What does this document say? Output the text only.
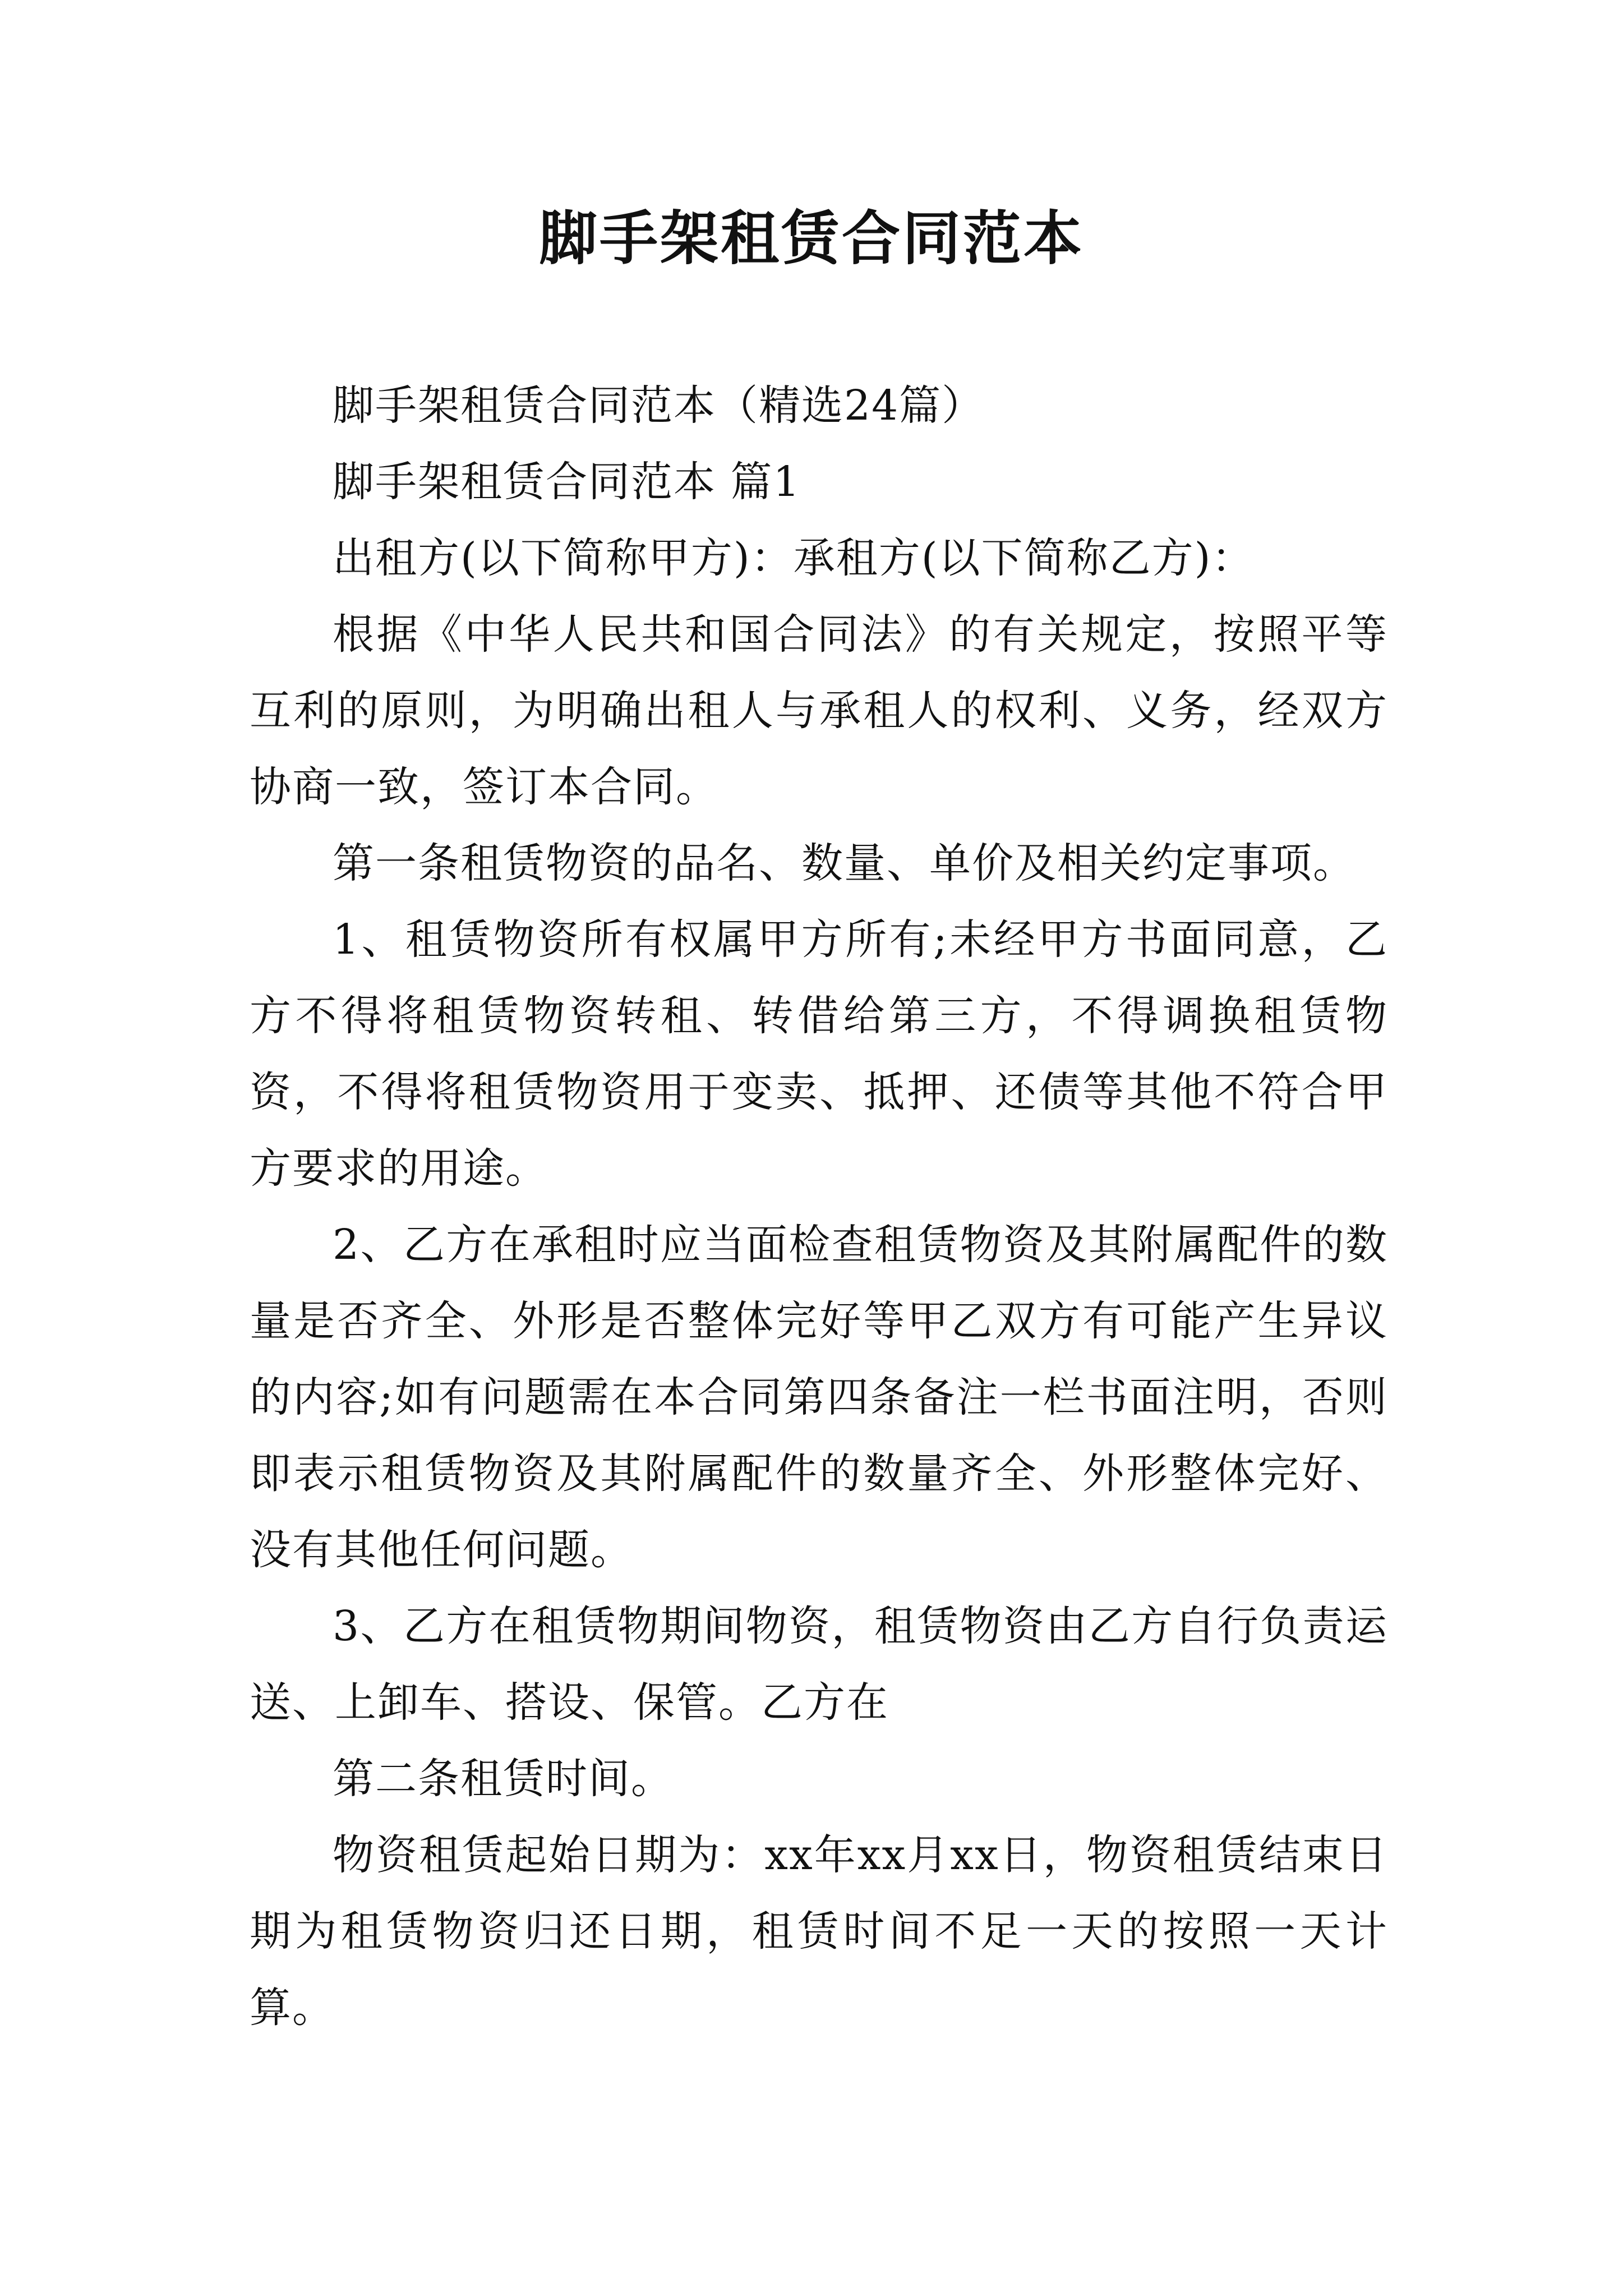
脚手架租赁合同范本

脚手架租赁合同范本（精选24篇）

脚手架租赁合同范本 篇1

出租方(以下简称甲方)：承租方(以下简称乙方)：

根据《中华人民共和国合同法》的有关规定，按照平等互利的原则，为明确出租人与承租人的权利、义务，经双方协商一致，签订本合同。

第一条租赁物资的品名、数量、单价及相关约定事项。

1、租赁物资所有权属甲方所有;未经甲方书面同意，乙方不得将租赁物资转租、转借给第三方，不得调换租赁物资，不得将租赁物资用于变卖、抵押、还债等其他不符合甲方要求的用途。

2、乙方在承租时应当面检查租赁物资及其附属配件的数量是否齐全、外形是否整体完好等甲乙双方有可能产生异议的内容;如有问题需在本合同第四条备注一栏书面注明，否则即表示租赁物资及其附属配件的数量齐全、外形整体完好、没有其他任何问题。

3、乙方在租赁物期间物资，租赁物资由乙方自行负责运送、上卸车、搭设、保管。乙方在

第二条租赁时间。

物资租赁起始日期为：xx年xx月xx日，物资租赁结束日期为租赁物资归还日期，租赁时间不足一天的按照一天计算。
